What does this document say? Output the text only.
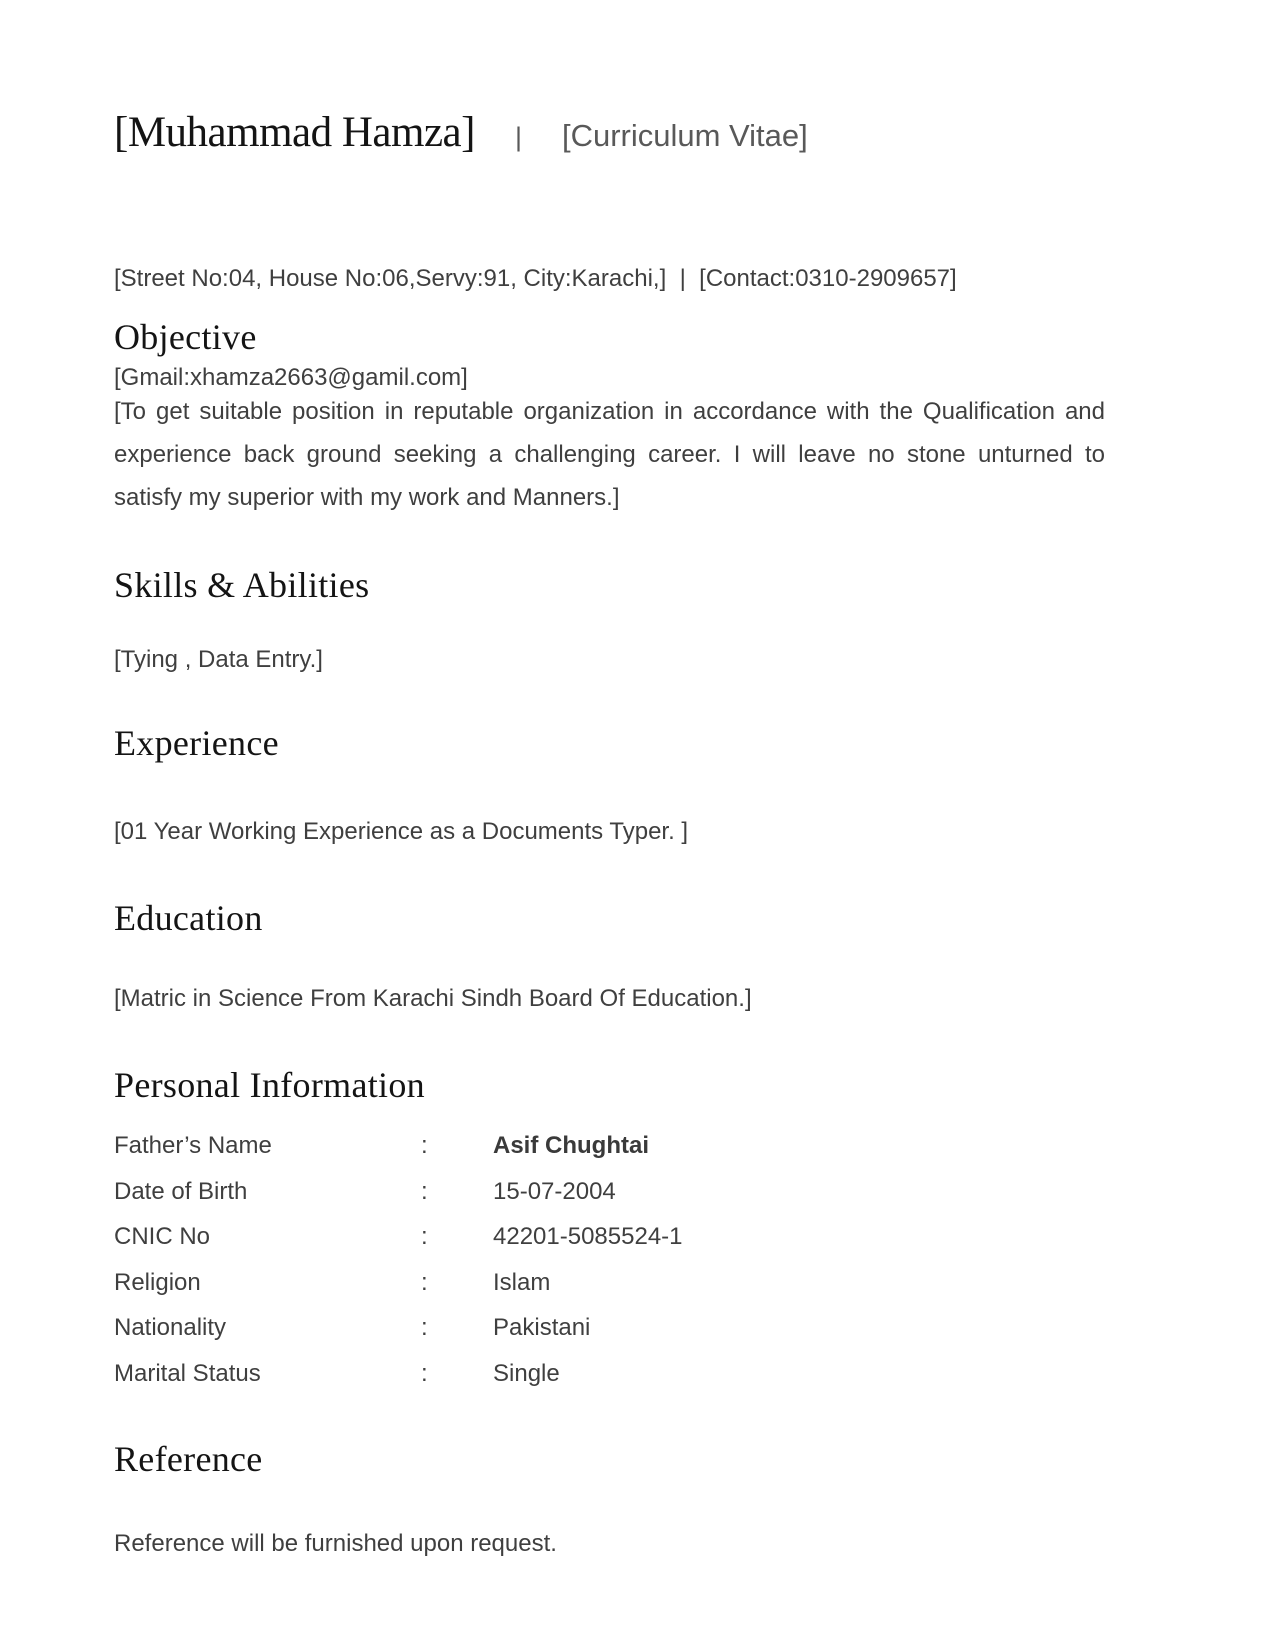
[Muhammad Hamza] | [Curriculum Vitae]

[Street No:04, House No:06,Servy:91, City:Karachi,]  |  [Contact:0310-2909657]

[Gmail:xhamza2663@gamil.com]

Objective

[To get suitable position in reputable organization in accordance with the Qualification and experience back ground seeking a challenging career. I will leave no stone unturned to satisfy my superior with my work and Manners.]

Skills & Abilities

[Tying , Data Entry.]

Experience

[01 Year Working Experience as a Documents Typer. ]

Education

[Matric in Science From Karachi Sindh Board Of Education.]

Personal Information
Father’s Name	:	Asif Chughtai
Date of Birth	:	15-07-2004
CNIC No	:	42201-5085524-1
Religion	:	Islam
Nationality	:	Pakistani
Marital Status	:	Single
Reference

Reference will be furnished upon request.
